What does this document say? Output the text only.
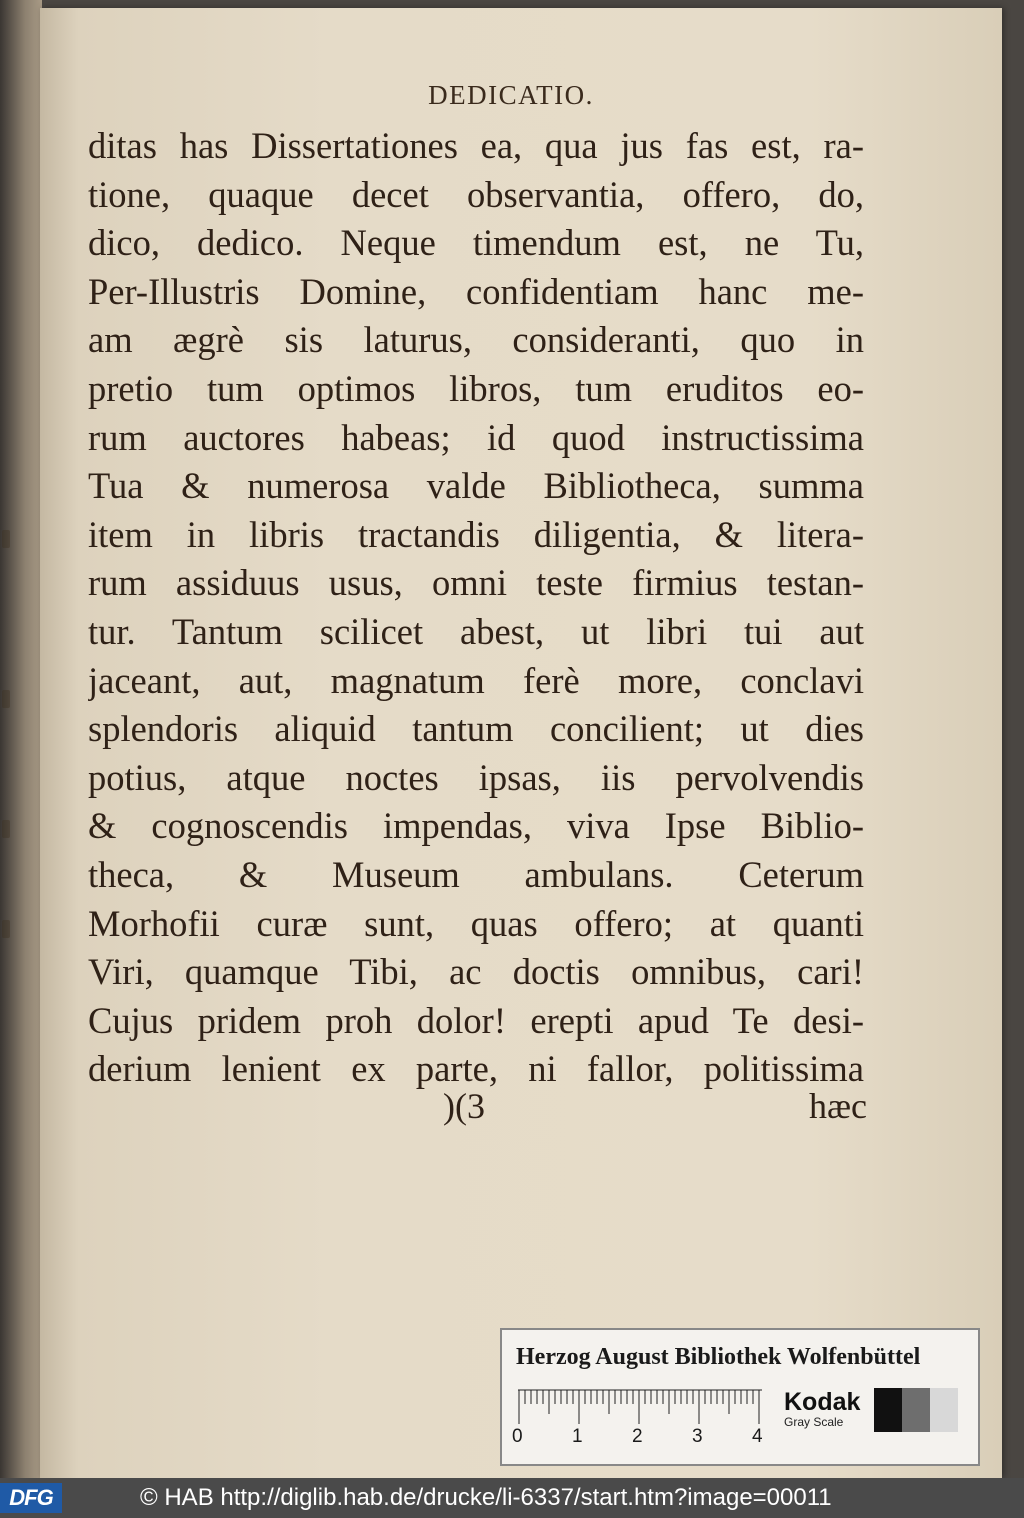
DEDICATIO.
ditas has Dissertationes ea, qua jus fas est, ra-
tione, quaque decet observantia, offero, do,
dico, dedico. Neque timendum est, ne Tu,
Per-Illustris Domine, confidentiam hanc me-
am ægrè sis laturus, consideranti, quo in
pretio tum optimos libros, tum eruditos eo-
rum auctores habeas; id quod instructissima
Tua & numerosa valde Bibliotheca, summa
item in libris tractandis diligentia, & litera-
rum assiduus usus, omni teste firmius testan-
tur. Tantum scilicet abest, ut libri tui aut
jaceant, aut, magnatum ferè more, conclavi
splendoris aliquid tantum concilient; ut dies
potius, atque noctes ipsas, iis pervolvendis
& cognoscendis impendas, viva Ipse Biblio-
theca, & Museum ambulans. Ceterum
Morhofii curæ sunt, quas offero; at quanti
Viri, quamque Tibi, ac doctis omnibus, cari!
Cujus pridem proh dolor! erepti apud Te desi-
derium lenient ex parte, ni fallor, politissima
)(3	hæc
Herzog August Bibliothek Wolfenbüttel
0	1	2	3	4
Kodak
Gray Scale
DFG	© HAB http://diglib.hab.de/drucke/li-6337/start.htm?image=00011
